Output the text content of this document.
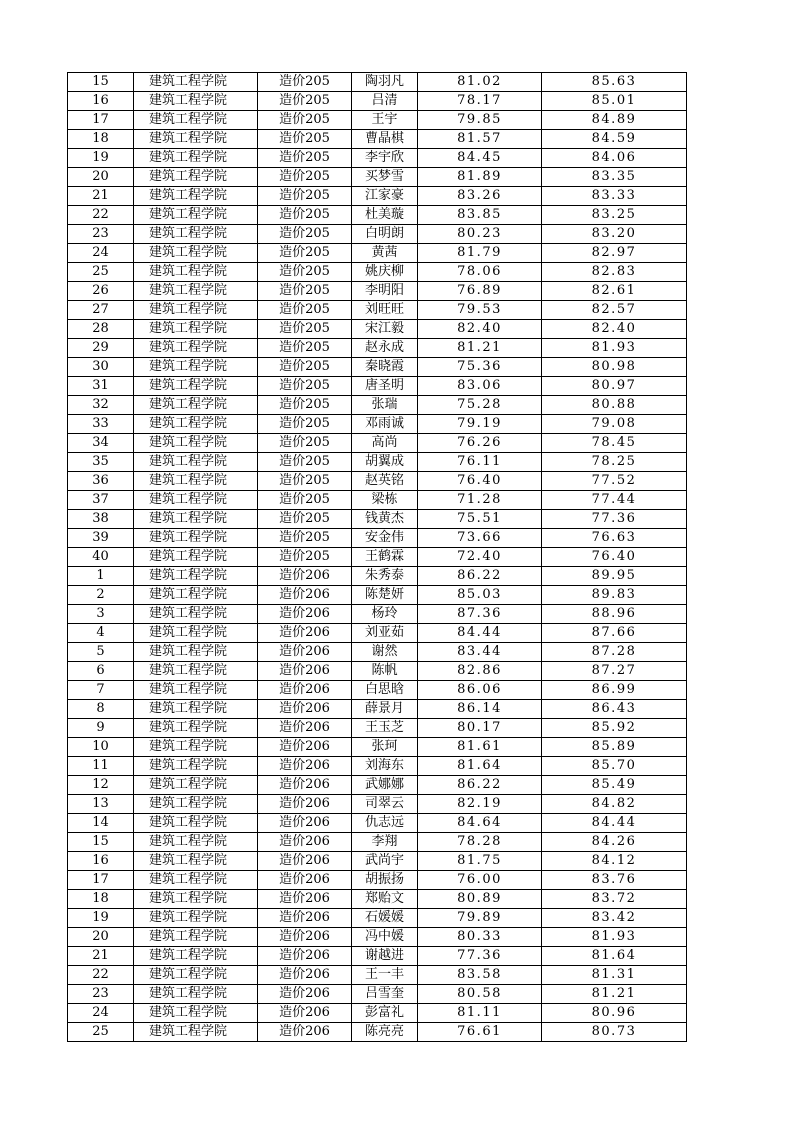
15	建筑工程学院	造价205	陶羽凡	81.02	85.63
16	建筑工程学院	造价205	吕清	78.17	85.01
17	建筑工程学院	造价205	王宇	79.85	84.89
18	建筑工程学院	造价205	曹晶棋	81.57	84.59
19	建筑工程学院	造价205	李宇欣	84.45	84.06
20	建筑工程学院	造价205	买梦雪	81.89	83.35
21	建筑工程学院	造价205	江家豪	83.26	83.33
22	建筑工程学院	造价205	杜美璇	83.85	83.25
23	建筑工程学院	造价205	白明朗	80.23	83.20
24	建筑工程学院	造价205	黄茜	81.79	82.97
25	建筑工程学院	造价205	姚庆柳	78.06	82.83
26	建筑工程学院	造价205	李明阳	76.89	82.61
27	建筑工程学院	造价205	刘旺旺	79.53	82.57
28	建筑工程学院	造价205	宋江毅	82.40	82.40
29	建筑工程学院	造价205	赵永成	81.21	81.93
30	建筑工程学院	造价205	秦晓霞	75.36	80.98
31	建筑工程学院	造价205	唐圣明	83.06	80.97
32	建筑工程学院	造价205	张瑞	75.28	80.88
33	建筑工程学院	造价205	邓雨诚	79.19	79.08
34	建筑工程学院	造价205	高尚	76.26	78.45
35	建筑工程学院	造价205	胡翼成	76.11	78.25
36	建筑工程学院	造价205	赵英铭	76.40	77.52
37	建筑工程学院	造价205	梁栋	71.28	77.44
38	建筑工程学院	造价205	钱黄杰	75.51	77.36
39	建筑工程学院	造价205	安金伟	73.66	76.63
40	建筑工程学院	造价205	王鹤霖	72.40	76.40
1	建筑工程学院	造价206	朱秀泰	86.22	89.95
2	建筑工程学院	造价206	陈楚妍	85.03	89.83
3	建筑工程学院	造价206	杨玲	87.36	88.96
4	建筑工程学院	造价206	刘亚茹	84.44	87.66
5	建筑工程学院	造价206	谢然	83.44	87.28
6	建筑工程学院	造价206	陈帆	82.86	87.27
7	建筑工程学院	造价206	白思晗	86.06	86.99
8	建筑工程学院	造价206	薛景月	86.14	86.43
9	建筑工程学院	造价206	王玉芝	80.17	85.92
10	建筑工程学院	造价206	张珂	81.61	85.89
11	建筑工程学院	造价206	刘海东	81.64	85.70
12	建筑工程学院	造价206	武娜娜	86.22	85.49
13	建筑工程学院	造价206	司翠云	82.19	84.82
14	建筑工程学院	造价206	仇志远	84.64	84.44
15	建筑工程学院	造价206	李翔	78.28	84.26
16	建筑工程学院	造价206	武尚宇	81.75	84.12
17	建筑工程学院	造价206	胡振扬	76.00	83.76
18	建筑工程学院	造价206	郑贻文	80.89	83.72
19	建筑工程学院	造价206	石媛媛	79.89	83.42
20	建筑工程学院	造价206	冯中媛	80.33	81.93
21	建筑工程学院	造价206	谢越进	77.36	81.64
22	建筑工程学院	造价206	王一丰	83.58	81.31
23	建筑工程学院	造价206	吕雪奎	80.58	81.21
24	建筑工程学院	造价206	彭富礼	81.11	80.96
25	建筑工程学院	造价206	陈亮亮	76.61	80.73
